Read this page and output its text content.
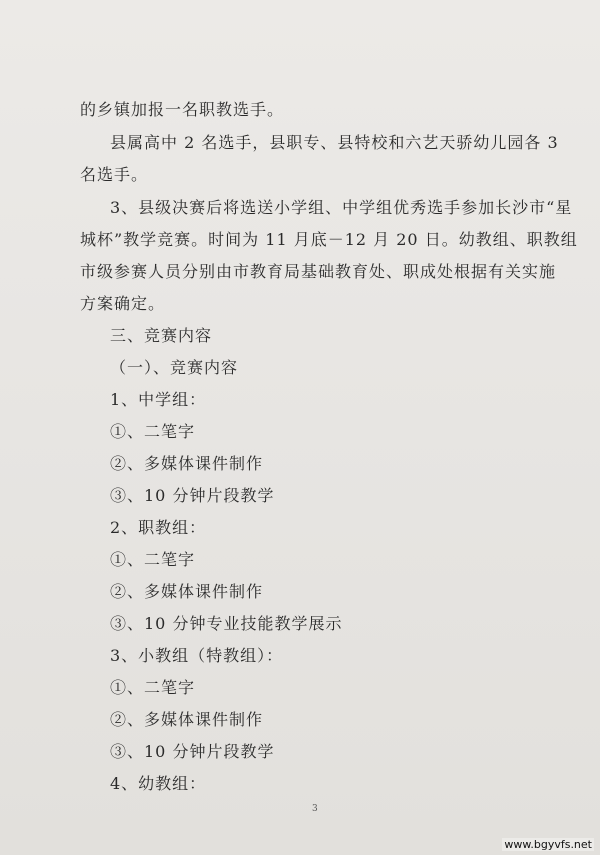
的乡镇加报一名职教选手。
县属高中 2 名选手，县职专、县特校和六艺天骄幼儿园各 3
名选手。
3、县级决赛后将选送小学组、中学组优秀选手参加长沙市“星
城杯”教学竞赛。时间为 11 月底－12 月 20 日。幼教组、职教组
市级参赛人员分别由市教育局基础教育处、职成处根据有关实施
方案确定。
三、竞赛内容
（一）、竞赛内容
1、中学组：
①、二笔字
②、多媒体课件制作
③、10 分钟片段教学
2、职教组：
①、二笔字
②、多媒体课件制作
③、10 分钟专业技能教学展示
3、小教组（特教组）：
①、二笔字
②、多媒体课件制作
③、10 分钟片段教学
4、幼教组：
3
www.bgyvfs.net
